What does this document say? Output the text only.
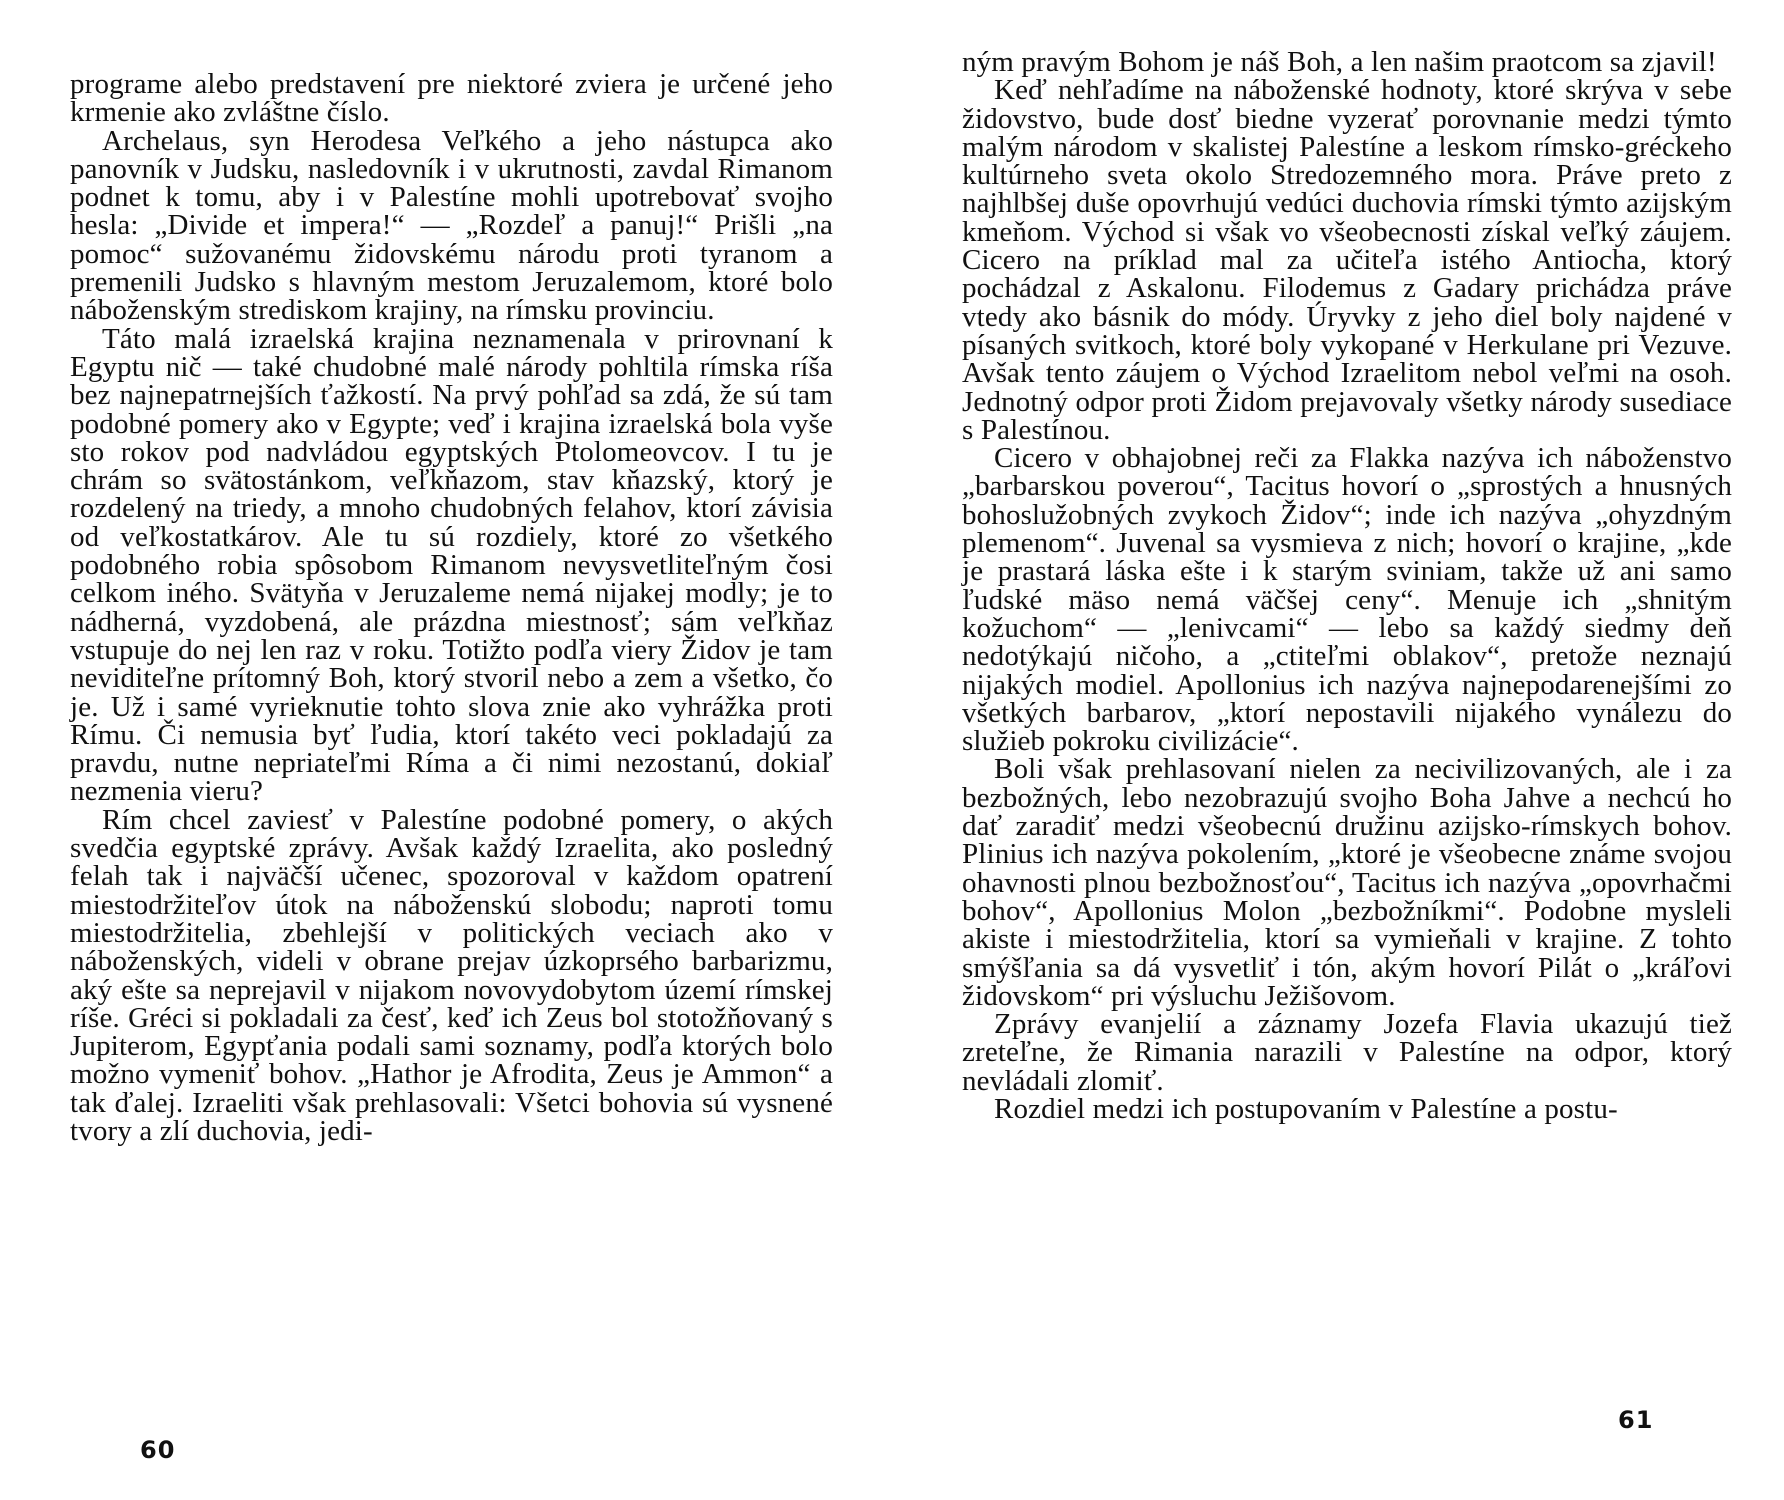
programe alebo predstavení pre niektoré zviera je určené jeho krmenie ako zvláštne číslo.

Archelaus, syn Herodesa Veľkého a jeho nástupca ako panovník v Judsku, nasledovník i v ukrutnosti, zavdal Rimanom podnet k tomu, aby i v Palestíne mohli upotrebovať svojho hesla: „Divide et impera!“ — „Rozdeľ a panuj!“ Prišli „na pomoc“ sužovanému židovskému národu proti tyranom a premenili Judsko s hlavným mestom Jeruzalemom, ktoré bolo náboženským strediskom krajiny, na rímsku provinciu.

Táto malá izraelská krajina neznamenala v prirovnaní k Egyptu nič — také chudobné malé národy pohltila rímska ríša bez najnepatrnejších ťažkostí. Na prvý pohľad sa zdá, že sú tam podobné pomery ako v Egypte; veď i krajina izraelská bola vyše sto rokov pod nadvládou egyptských Ptolomeovcov. I tu je chrám so svätostánkom, veľkňazom, stav kňazský, ktorý je rozdelený na triedy, a mnoho chudobných felahov, ktorí závisia od veľkostatkárov. Ale tu sú rozdiely, ktoré zo všetkého podobného robia spôsobom Rimanom nevysvetliteľným čosi celkom iného. Svätyňa v Jeruzaleme nemá nijakej modly; je to nádherná, vyzdobená, ale prázdna miestnosť; sám veľkňaz vstupuje do nej len raz v roku. Totižto podľa viery Židov je tam neviditeľne prítomný Boh, ktorý stvoril nebo a zem a všetko, čo je. Už i samé vyrieknutie tohto slova znie ako vyhrážka proti Rímu. Či nemusia byť ľudia, ktorí takéto veci pokladajú za pravdu, nutne nepriateľmi Ríma a či nimi nezostanú, dokiaľ nezmenia vieru?

Rím chcel zaviesť v Palestíne podobné pomery, o akých svedčia egyptské zprávy. Avšak každý Izraelita, ako posledný felah tak i najväčší učenec, spozoroval v každom opatrení miestodržiteľov útok na náboženskú slobodu; naproti tomu miestodržitelia, zbehlejší v politických veciach ako v náboženských, videli v obrane prejav úzkoprsého barbarizmu, aký ešte sa neprejavil v nijakom novovydobytom území rímskej ríše. Gréci si pokladali za česť, keď ich Zeus bol stotožňovaný s Jupiterom, Egypťania podali sami soznamy, podľa ktorých bolo možno vymeniť bohov. „Hathor je Afrodita, Zeus je Ammon“ a tak ďalej. Izraeliti však prehlasovali: Všetci bohovia sú vysnené tvory a zlí duchovia, jedi-

60

ným pravým Bohom je náš Boh, a len našim praotcom sa zjavil!

Keď nehľadíme na náboženské hodnoty, ktoré skrýva v sebe židovstvo, bude dosť biedne vyzerať porovnanie medzi týmto malým národom v skalistej Palestíne a leskom rímsko-gréckeho kultúrneho sveta okolo Stredozemného mora. Práve preto z najhlbšej duše opovrhujú vedúci duchovia rímski týmto azijským kmeňom. Východ si však vo všeobecnosti získal veľký záujem. Cicero na príklad mal za učiteľa istého Antiocha, ktorý pochádzal z Askalonu. Filodemus z Gadary prichádza práve vtedy ako básnik do módy. Úryvky z jeho diel boly najdené v písaných svitkoch, ktoré boly vykopané v Herkulane pri Vezuve. Avšak tento záujem o Východ Izraelitom nebol veľmi na osoh. Jednotný odpor proti Židom prejavovaly všetky národy susediace s Palestínou.

Cicero v obhajobnej reči za Flakka nazýva ich náboženstvo „barbarskou poverou“, Tacitus hovorí o „sprostých a hnusných bohoslužobných zvykoch Židov“; inde ich nazýva „ohyzdným plemenom“. Juvenal sa vysmieva z nich; hovorí o krajine, „kde je prastará láska ešte i k starým sviniam, takže už ani samo ľudské mäso nemá väčšej ceny“. Menuje ich „shnitým kožuchom“ — „lenivcami“ — lebo sa každý siedmy deň nedotýkajú ničoho, a „ctiteľmi oblakov“, pretože neznajú nijakých modiel. Apollonius ich nazýva najnepodarenejšími zo všetkých barbarov, „ktorí nepostavili nijakého vynálezu do služieb pokroku civilizácie“.

Boli však prehlasovaní nielen za necivilizovaných, ale i za bezbožných, lebo nezobrazujú svojho Boha Jahve a nechcú ho dať zaradiť medzi všeobecnú družinu azijsko-rímskych bohov. Plinius ich nazýva pokolením, „ktoré je všeobecne známe svojou ohavnosti plnou bezbožnosťou“, Tacitus ich nazýva „opovrhačmi bohov“, Apollonius Molon „bezbožníkmi“. Podobne mysleli akiste i miestodržitelia, ktorí sa vymieňali v krajine. Z tohto smýšľania sa dá vysvetliť i tón, akým hovorí Pilát o „kráľovi židovskom“ pri výsluchu Ježišovom.

Zprávy evanjelií a záznamy Jozefa Flavia ukazujú tiež zreteľne, že Rimania narazili v Palestíne na odpor, ktorý nevládali zlomiť.

Rozdiel medzi ich postupovaním v Palestíne a postu-

61
